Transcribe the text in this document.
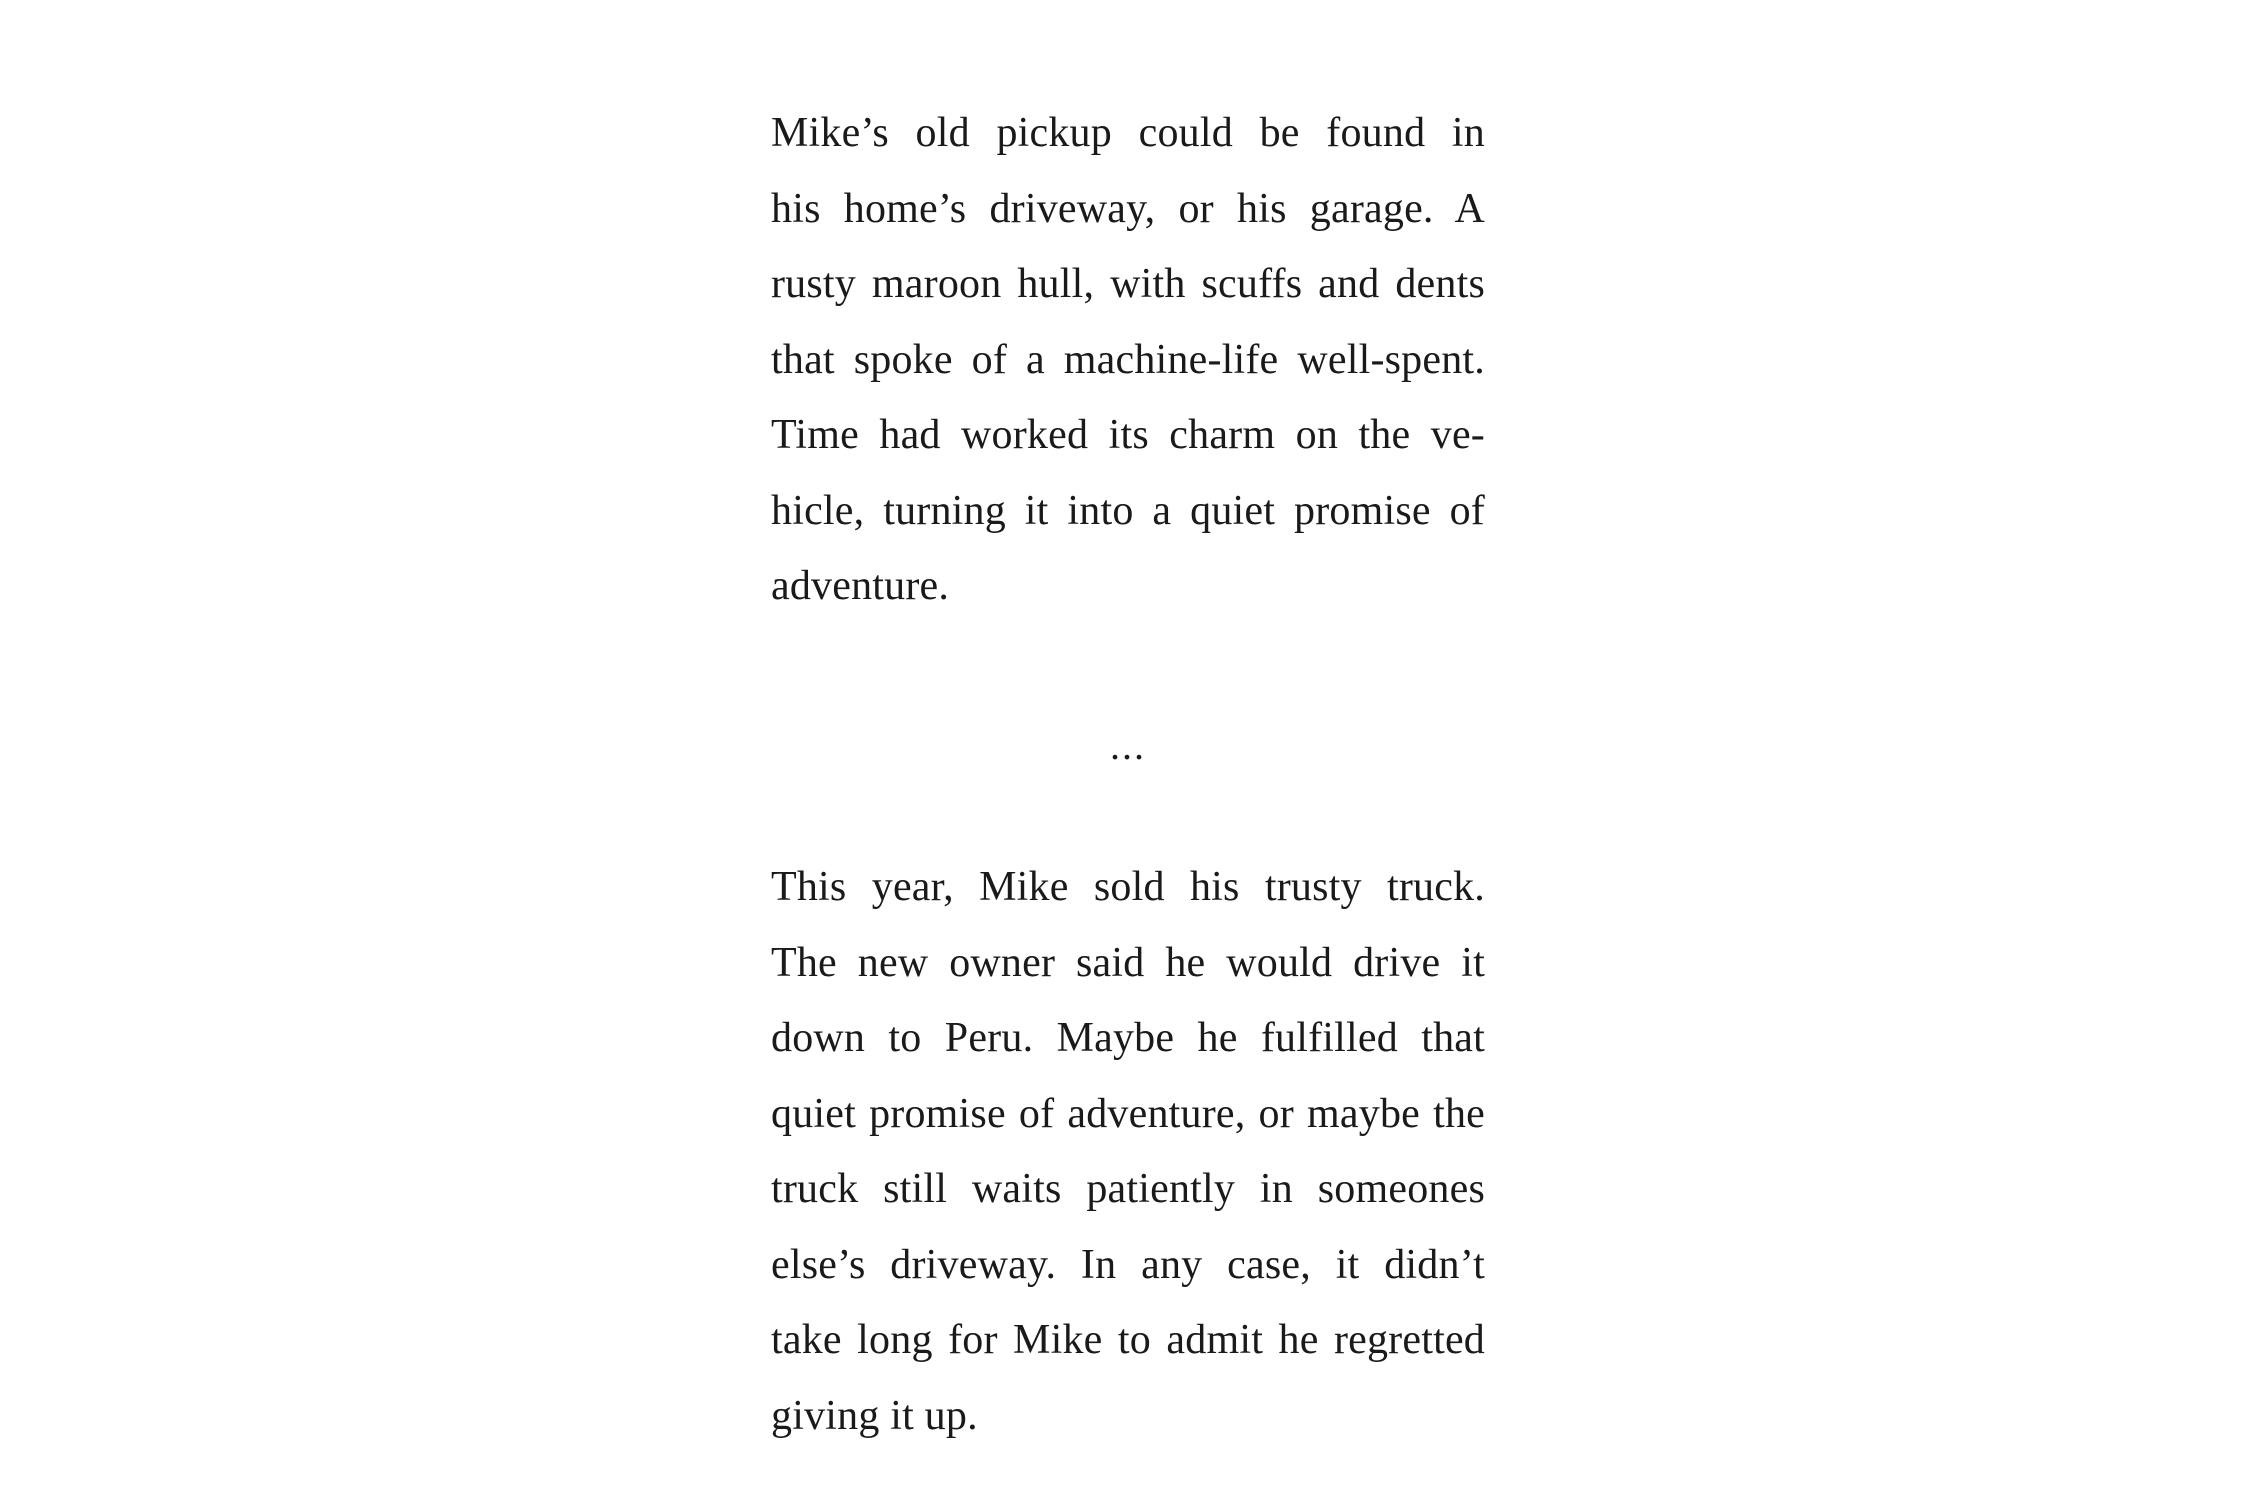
Mike’s old pickup could be found in
his home’s driveway, or his garage. A
rusty maroon hull, with scuffs and dents
that spoke of a machine-life well-spent.
Time had worked its charm on the ve-
hicle, turning it into a quiet promise of
adventure.
...
This year, Mike sold his trusty truck.
The new owner said he would drive it
down to Peru. Maybe he fulfilled that
quiet promise of adventure, or maybe the
truck still waits patiently in someones
else’s driveway. In any case, it didn’t
take long for Mike to admit he regretted
giving it up.
